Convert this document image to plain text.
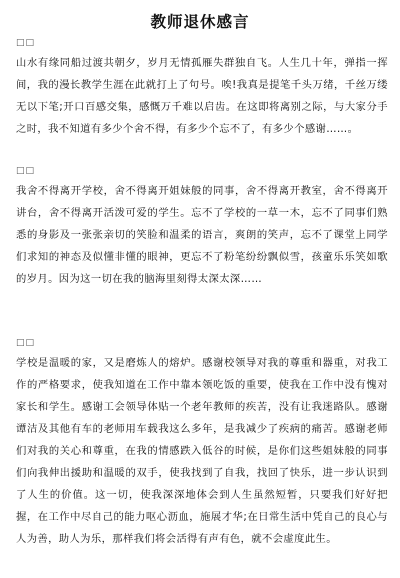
教师退休感言
□□

山水有缘同船过渡共朝夕，岁月无情孤雁失群独自飞。人生几十年，弹指一挥间，我的漫长教学生涯在此就打上了句号。唉!我真是提笔千头万绪，千丝万缕无以下笔;开口百感交集，感慨万千难以启齿。在这即将离别之际，与大家分手之时，我不知道有多少个舍不得，有多少个忘不了，有多少个感谢……。

□□

我舍不得离开学校，舍不得离开姐妹般的同事，舍不得离开教室，舍不得离开讲台，舍不得离开活泼可爱的学生。忘不了学校的一草一木，忘不了同事们熟悉的身影及一张张亲切的笑脸和温柔的语言，爽朗的笑声，忘不了课堂上同学们求知的神态及似懂非懂的眼神，更忘不了粉笔纷纷飘似雪，孩童乐乐笑如歌的岁月。因为这一切在我的脑海里刻得太深太深……

□□

学校是温暖的家，又是磨炼人的熔炉。感谢校领导对我的尊重和器重，对我工作的严格要求，使我知道在工作中靠本领吃饭的重要，使我在工作中没有愧对家长和学生。感谢工会领导体贴一个老年教师的疾苦，没有让我迷路队。感谢谭洁及其他有车的老师用车载我这么多年，是我减少了疾病的痛苦。感谢老师们对我的关心和尊重，在我的情感跌入低谷的时候，是你们这些姐妹般的同事们向我伸出援助和温暖的双手，使我找到了自我，找回了快乐，进一步认识到了人生的价值。这一切，使我深深地体会到人生虽然短暂，只要我们好好把握，在工作中尽自己的能力呕心沥血，施展才华;在日常生活中凭自己的良心与人为善，助人为乐，那样我们将会活得有声有色，就不会虚度此生。
